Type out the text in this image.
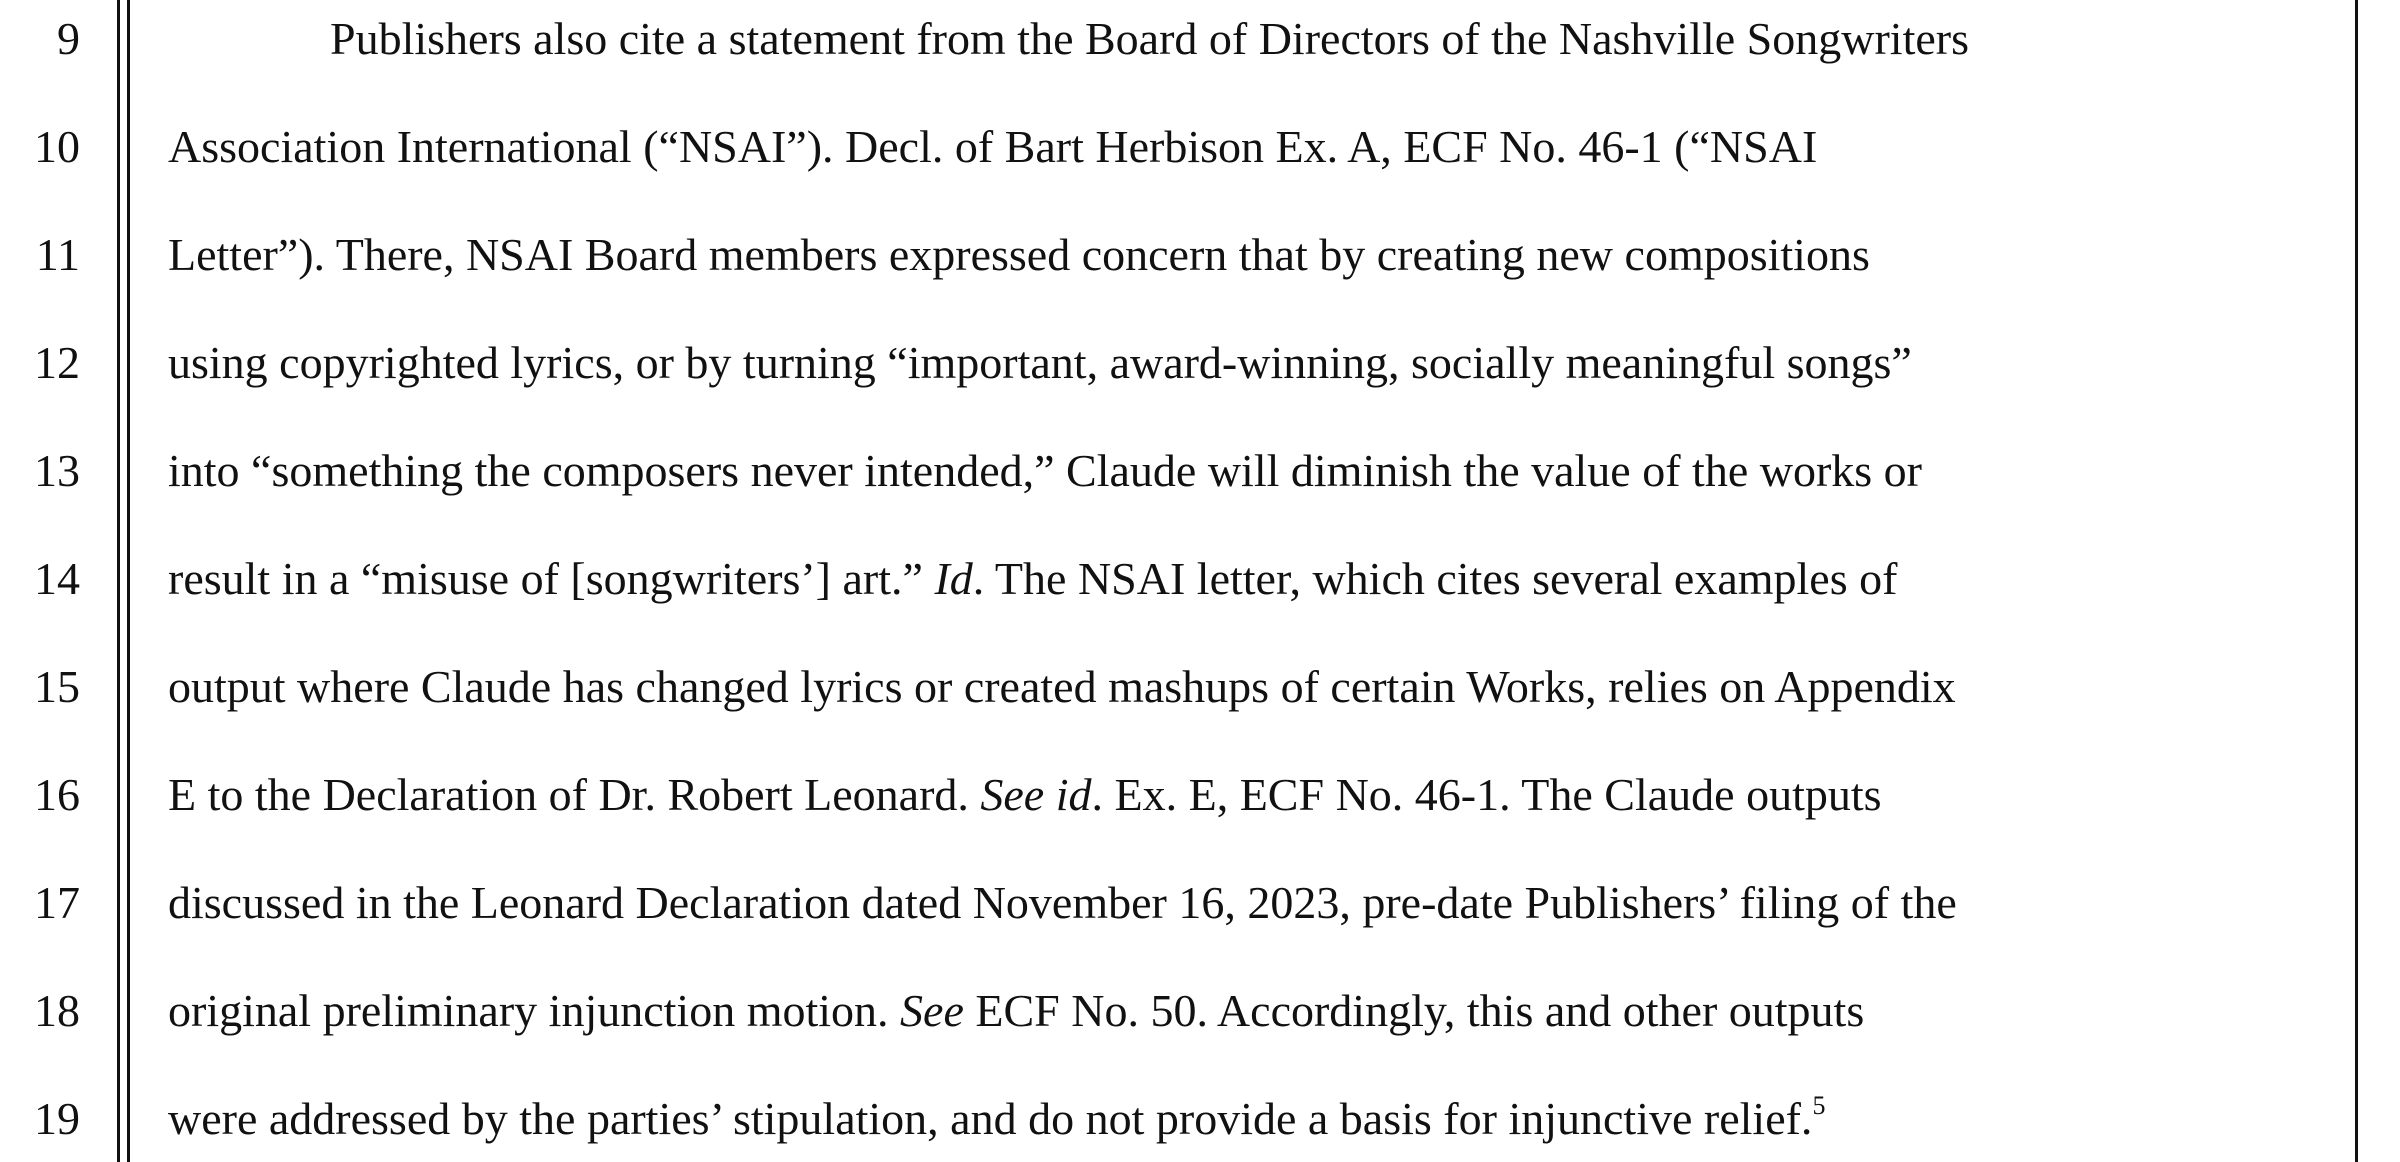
9
10
11
12
13
14
15
16
17
18
19
Publishers also cite a statement from the Board of Directors of the Nashville Songwriters
Association International (“NSAI”). Decl. of Bart Herbison Ex. A, ECF No. 46-1 (“NSAI
Letter”). There, NSAI Board members expressed concern that by creating new compositions
using copyrighted lyrics, or by turning “important, award-winning, socially meaningful songs”
into “something the composers never intended,” Claude will diminish the value of the works or
result in a “misuse of [songwriters’] art.” Id. The NSAI letter, which cites several examples of
output where Claude has changed lyrics or created mashups of certain Works, relies on Appendix
E to the Declaration of Dr. Robert Leonard. See id. Ex. E, ECF No. 46-1. The Claude outputs
discussed in the Leonard Declaration dated November 16, 2023, pre-date Publishers’ filing of the
original preliminary injunction motion. See ECF No. 50. Accordingly, this and other outputs
were addressed by the parties’ stipulation, and do not provide a basis for injunctive relief.$^5$
